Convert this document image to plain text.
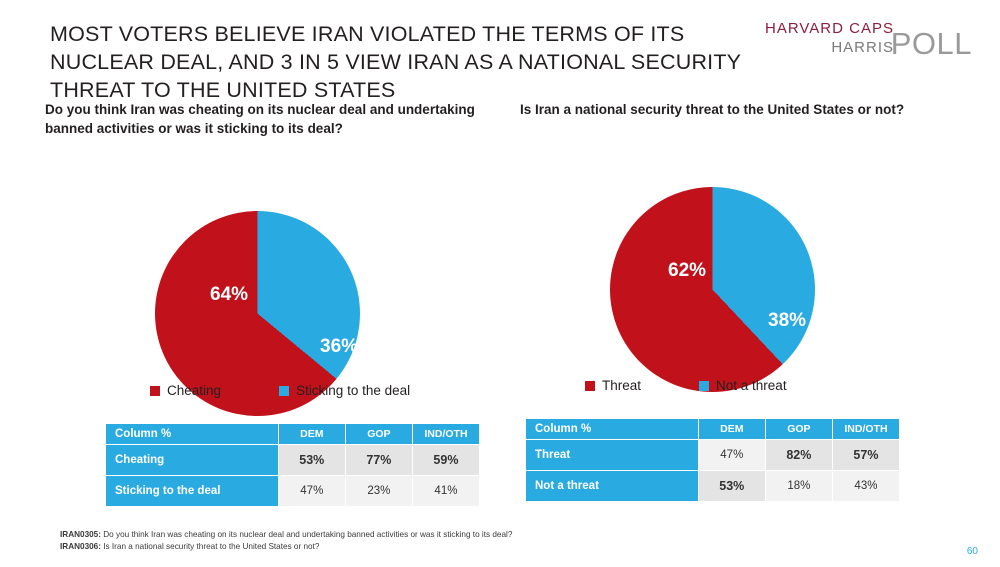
MOST VOTERS BELIEVE IRAN VIOLATED THE TERMS OF ITS NUCLEAR DEAL, AND 3 IN 5 VIEW IRAN AS A NATIONAL SECURITY THREAT TO THE UNITED STATES
HARVARD CAPS
HARRIS
POLL
Do you think Iran was cheating on its nuclear deal and undertaking banned activities or was it sticking to its deal?
64%
36%
Cheating	Sticking to the deal
Column %	DEM	GOP	IND/OTH
Cheating	53%	77%	59%
Sticking to the deal	47%	23%	41%
Is Iran a national security threat to the United States or not?
62%
38%
Threat	Not a threat
Column %	DEM	GOP	IND/OTH
Threat	47%	82%	57%
Not a threat	53%	18%	43%
IRAN0305: Do you think Iran was cheating on its nuclear deal and undertaking banned activities or was it sticking to its deal?
IRAN0306: Is Iran a national security threat to the United States or not?	60
